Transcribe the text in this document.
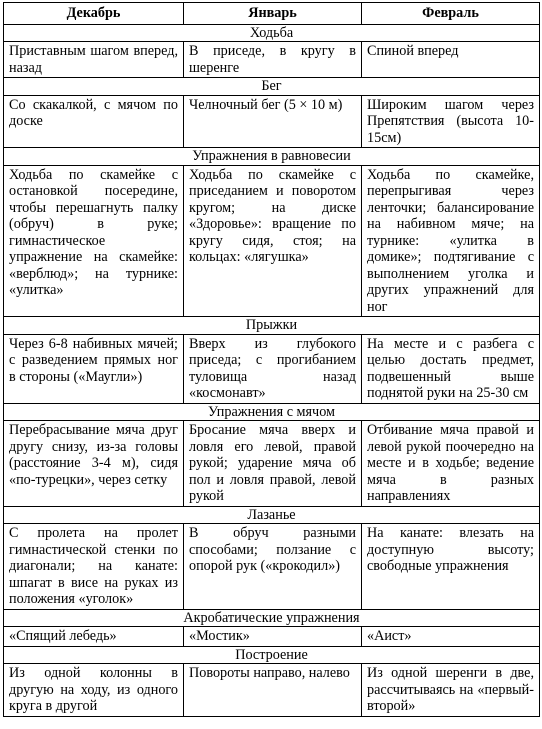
Декабрь	Январь	Февраль
Ходьба		
Приставным шагом вперед, назад	В приседе, в кругу в шеренге	Спиной вперед
Бег		
Со скакалкой, с мячом по доске	Челночный бег (5 × 10 м)	Широким шагом через Препятствия (высота 10-15см)
Упражнения в равновесии		
Ходьба по скамейке с остановкой посередине, чтобы перешагнуть палку (обруч) в руке; гимнастическое упражнение на скамейке: «верблюд»; на турнике: «улитка»	Ходьба по скамейке с приседанием и поворотом кругом; на диске «Здоровье»: вращение по кругу сидя, стоя; на кольцах: «лягушка»	Ходьба по скамейке, перепрыгивая через ленточки; балансирование на набивном мяче; на турнике: «улитка в домике»; подтягивание с выполнением уголка и других упражнений для ног
Прыжки		
Через 6-8 набивных мячей; с разведением прямых ног в стороны («Маугли»)	Вверх из глубокого приседа; с прогибанием туловища назад «космонавт»	На месте и с разбега с целью достать предмет, подвешенный выше поднятой руки на 25-30 см
Упражнения с мячом		
Перебрасывание мяча друг другу снизу, из-за головы (расстояние 3-4 м), сидя «по-турецки», через сетку	Бросание мяча вверх и ловля его левой, правой рукой; ударение мяча об пол и ловля правой, левой рукой	Отбивание мяча правой и левой рукой поочередно на месте и в ходьбе; ведение мяча в разных направлениях
Лазанье		
С пролета на пролет гимнастической стенки по диагонали; на канате: шпагат в висе на руках из положения «уголок»	В обруч разными способами; ползание с опорой рук («крокодил»)	На канате: влезать на доступную высоту; свободные упражнения
Акробатические упражнения		
«Спящий лебедь»	«Мостик»	«Аист»
Построение		
Из одной колонны в другую на ходу, из одного круга в другой	Повороты направо, налево	Из одной шеренги в две, рассчитываясь на «первый-второй»
